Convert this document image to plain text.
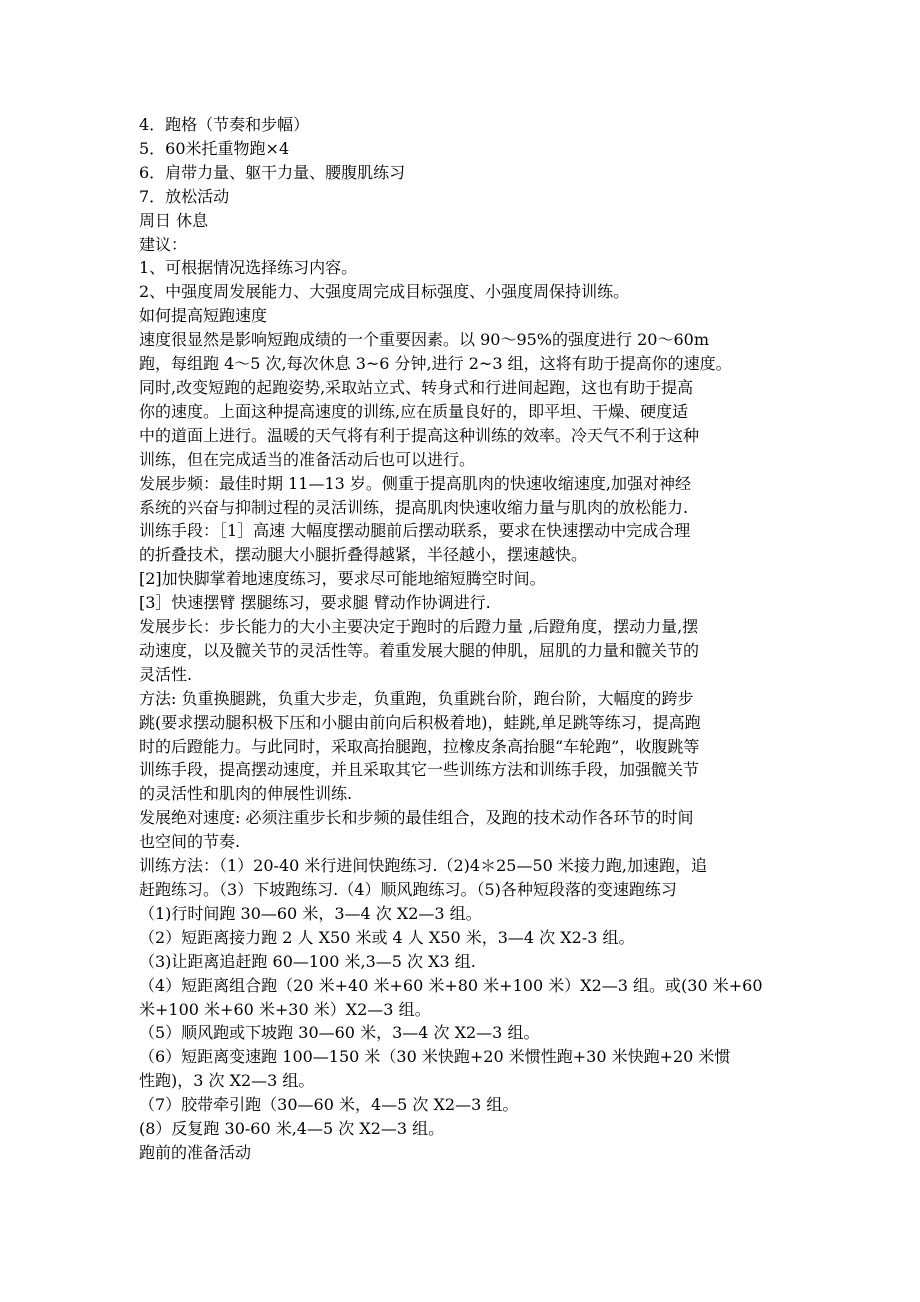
4．跑格（节奏和步幅）
5．60米托重物跑×4
6．肩带力量、躯干力量、腰腹肌练习
7．放松活动
周日 休息
建议：
1、可根据情况选择练习内容。
2、中强度周发展能力、大强度周完成目标强度、小强度周保持训练。
如何提高短跑速度
速度很显然是影响短跑成绩的一个重要因素。以 90～95%的强度进行 20～60m
跑，每组跑 4～5 次,每次休息 3~6 分钟,进行 2~3 组，这将有助于提高你的速度。
同时,改变短跑的起跑姿势,采取站立式、转身式和行进间起跑，这也有助于提高
你的速度。上面这种提高速度的训练,应在质量良好的，即平坦、干燥、硬度适
中的道面上进行。温暖的天气将有利于提高这种训练的效率。冷天气不利于这种
训练，但在完成适当的准备活动后也可以进行。
发展步频：最佳时期 11—13 岁。侧重于提高肌肉的快速收缩速度,加强对神经
系统的兴奋与抑制过程的灵活训练，提高肌肉快速收缩力量与肌肉的放松能力.
训练手段：［1］高速 大幅度摆动腿前后摆动联系，要求在快速摆动中完成合理
的折叠技术，摆动腿大小腿折叠得越紧，半径越小，摆速越快。
[2]加快脚掌着地速度练习，要求尽可能地缩短腾空时间。
[3］快速摆臂 摆腿练习，要求腿 臂动作协调进行.
发展步长：步长能力的大小主要决定于跑时的后蹬力量 ,后蹬角度，摆动力量,摆
动速度，以及髋关节的灵活性等。着重发展大腿的伸肌，屈肌的力量和髋关节的
灵活性.
方法: 负重换腿跳，负重大步走，负重跑，负重跳台阶，跑台阶，大幅度的跨步
跳(要求摆动腿积极下压和小腿由前向后积极着地)，蛙跳,单足跳等练习，提高跑
时的后蹬能力。与此同时，采取高抬腿跑，拉橡皮条高抬腿“车轮跑”，收腹跳等
训练手段，提高摆动速度，并且采取其它一些训练方法和训练手段，加强髋关节
的灵活性和肌肉的伸展性训练.
发展绝对速度: 必须注重步长和步频的最佳组合，及跑的技术动作各环节的时间
也空间的节奏.
训练方法：（1）20-40 米行进间快跑练习.（2)4＊25—50 米接力跑,加速跑，追
赶跑练习。（3）下坡跑练习.（4）顺风跑练习。（5)各种短段落的变速跑练习
（1)行时间跑 30—60 米，3—4 次 X2—3 组。
（2）短距离接力跑 2 人 X50 米或 4 人 X50 米，3—4 次 X2-3 组。
（3)让距离追赶跑 60—100 米,3—5 次 X3 组.
（4）短距离组合跑（20 米+40 米+60 米+80 米+100 米）X2—3 组。或(30 米+60
米+100 米+60 米+30 米）X2—3 组。
（5）顺风跑或下坡跑 30—60 米，3—4 次 X2—3 组。
（6）短距离变速跑 100—150 米（30 米快跑+20 米惯性跑+30 米快跑+20 米惯
性跑)，3 次 X2—3 组。
（7）胶带牵引跑（30—60 米，4—5 次 X2—3 组。
(8）反复跑 30-60 米,4—5 次 X2—3 组。
跑前的准备活动
